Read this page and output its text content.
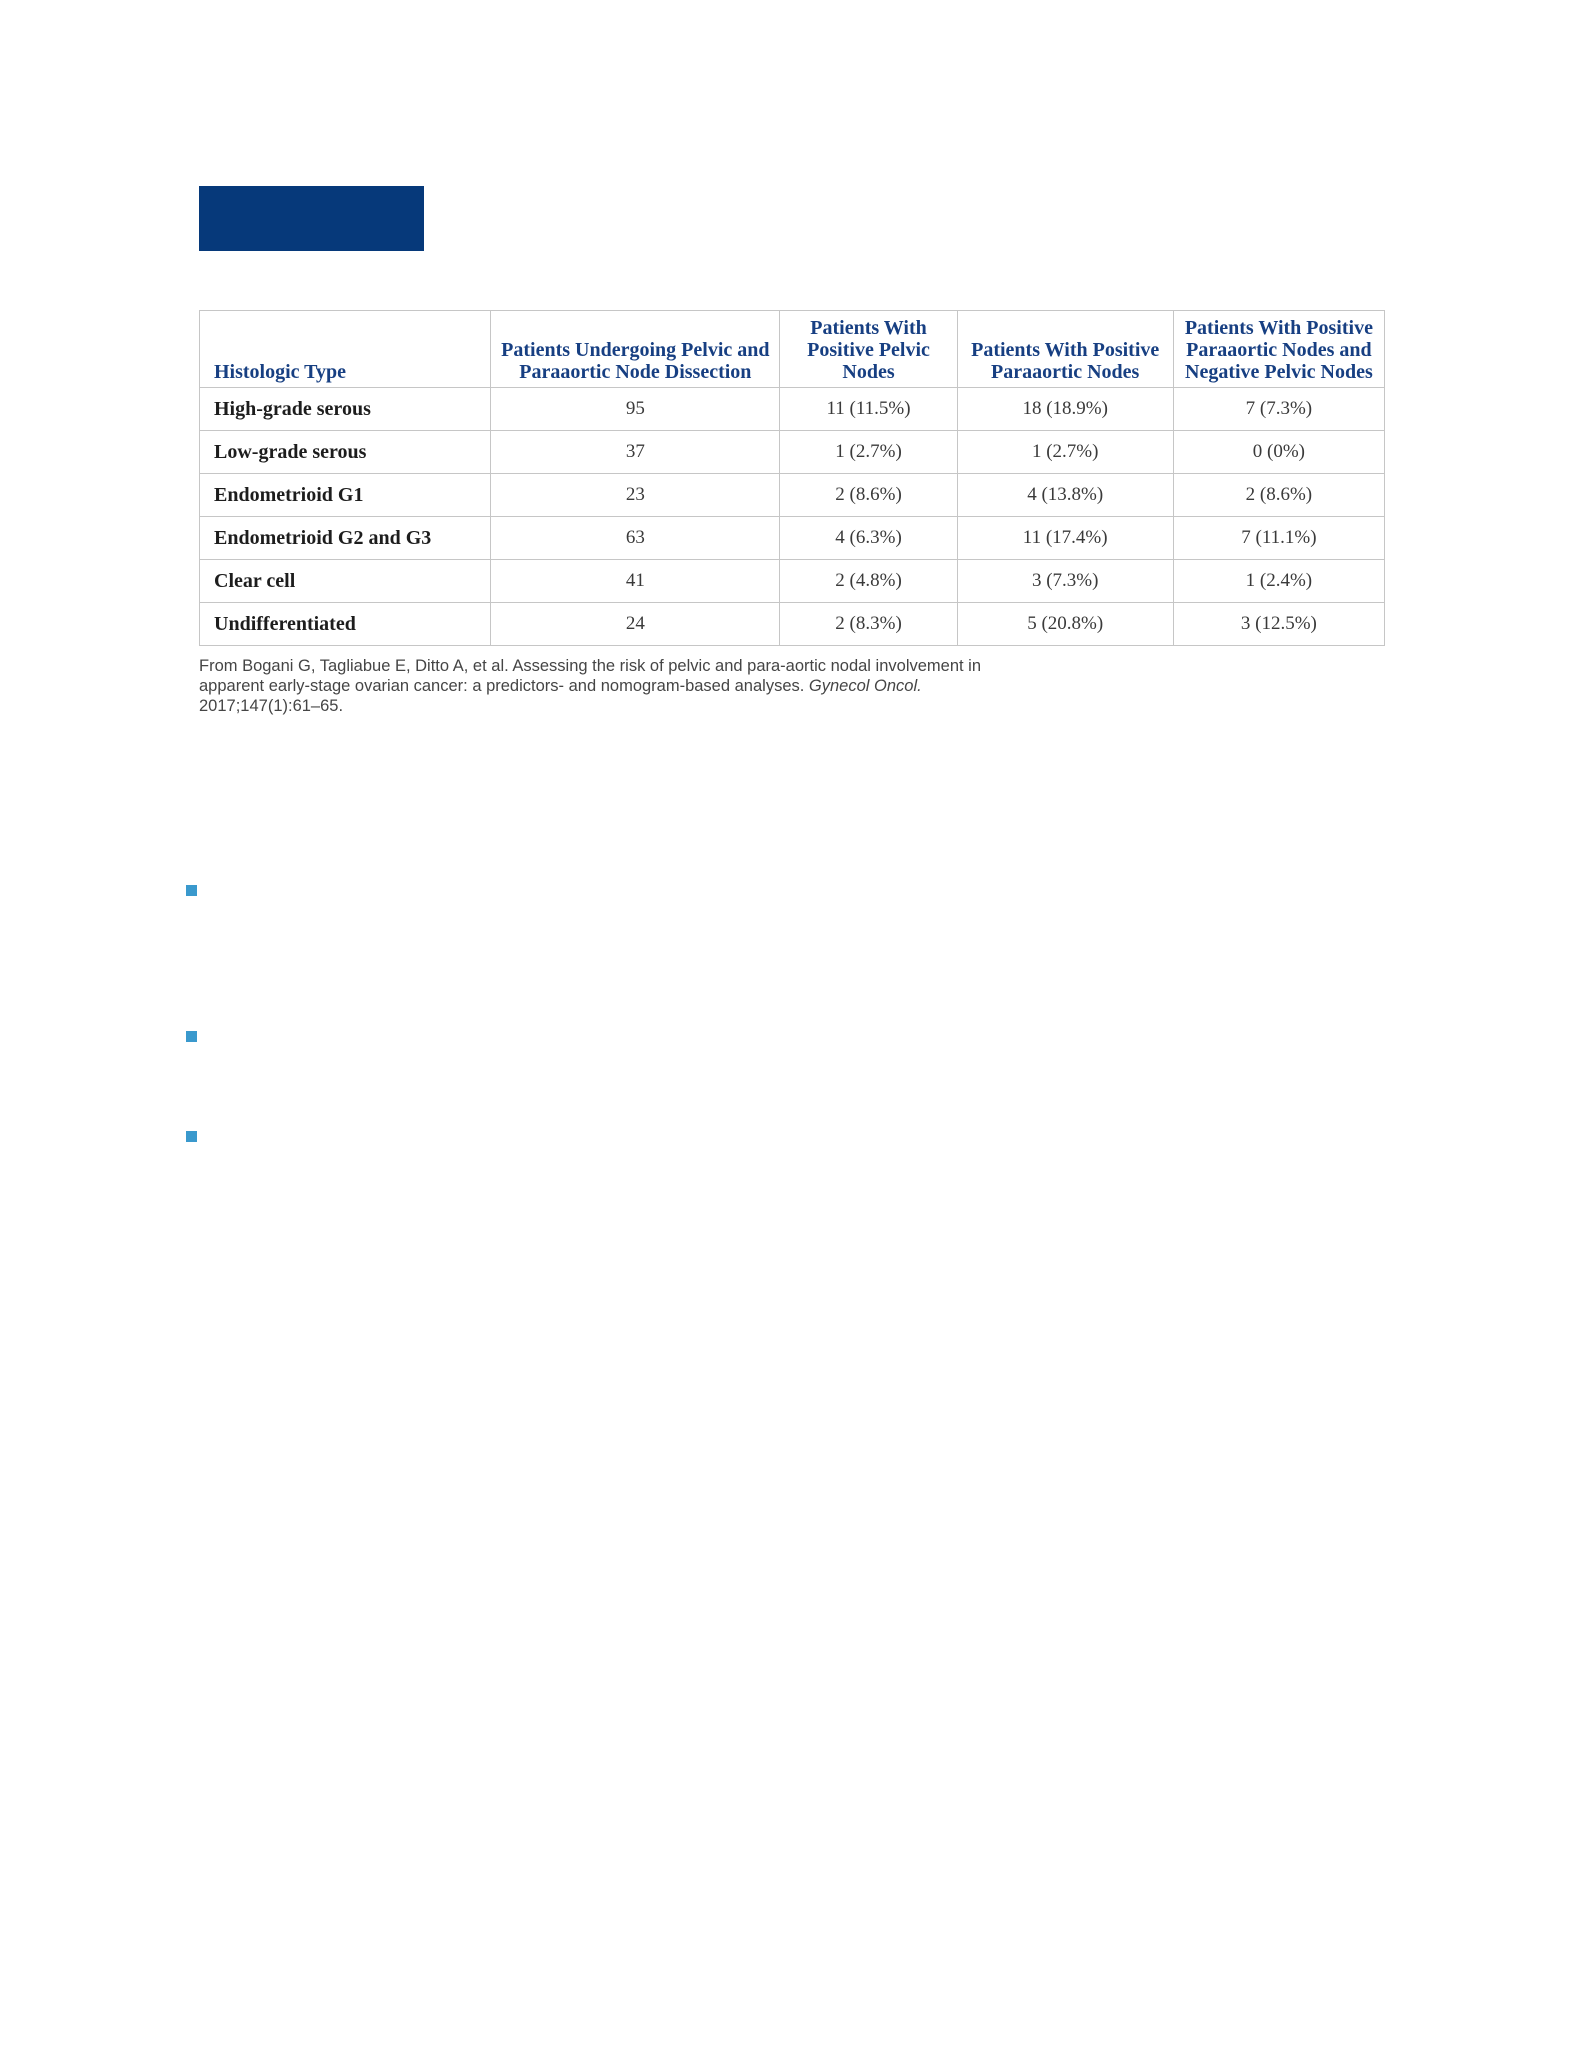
Histologic Type	Patients Undergoing Pelvic and Paraaortic Node Dissection	Patients With Positive Pelvic Nodes	Patients With Positive Paraaortic Nodes	Patients With Positive Paraaortic Nodes and Negative Pelvic Nodes
High-grade serous	95	11 (11.5%)	18 (18.9%)	7 (7.3%)
Low-grade serous	37	1 (2.7%)	1 (2.7%)	0 (0%)
Endometrioid G1	23	2 (8.6%)	4 (13.8%)	2 (8.6%)
Endometrioid G2 and G3	63	4 (6.3%)	11 (17.4%)	7 (11.1%)
Clear cell	41	2 (4.8%)	3 (7.3%)	1 (2.4%)
Undifferentiated	24	2 (8.3%)	5 (20.8%)	3 (12.5%)
From Bogani G, Tagliabue E, Ditto A, et al. Assessing the risk of pelvic and para-aortic nodal involvement in apparent early-stage ovarian cancer: a predictors- and nomogram-based analyses. Gynecol Oncol. 2017;147(1):61–65.
